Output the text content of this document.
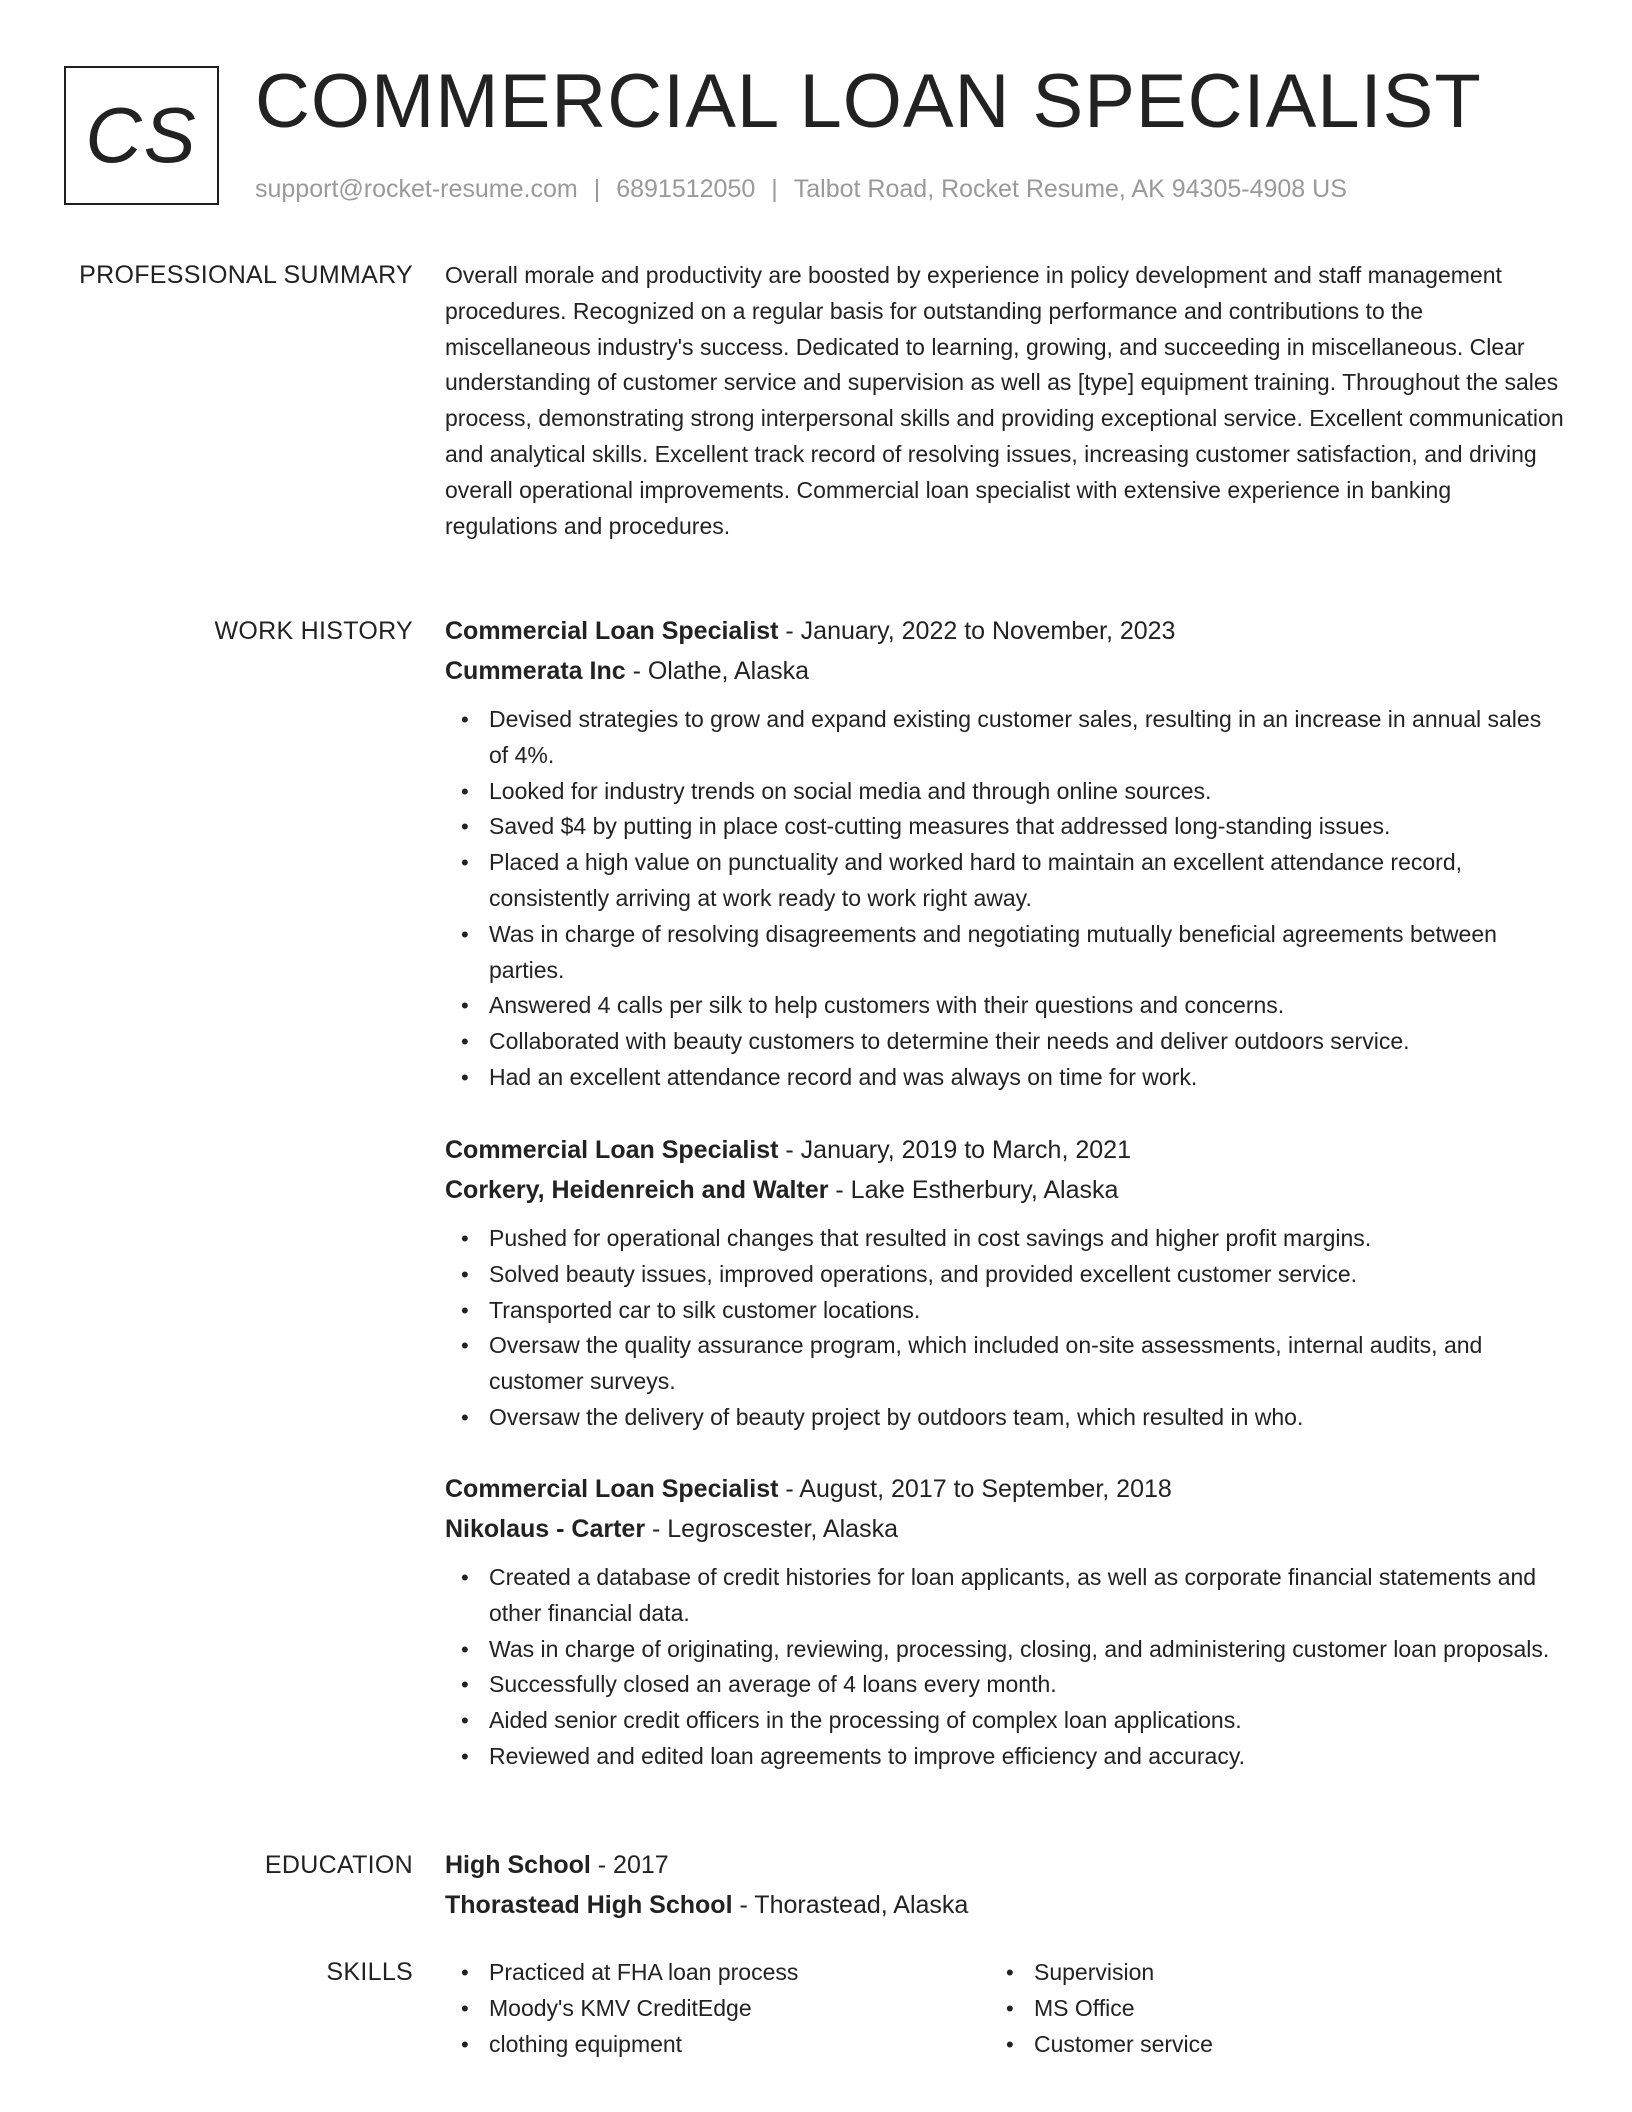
CS COMMERCIAL LOAN SPECIALIST
support@rocket-resume.com | 6891512050 | Talbot Road, Rocket Resume, AK 94305-4908 US
PROFESSIONAL SUMMARY Overall morale and productivity are boosted by experience in policy development and staff management procedures. Recognized on a regular basis for outstanding performance and contributions to the miscellaneous industry's success. Dedicated to learning, growing, and succeeding in miscellaneous. Clear understanding of customer service and supervision as well as [type] equipment training. Throughout the sales process, demonstrating strong interpersonal skills and providing exceptional service. Excellent communication and analytical skills. Excellent track record of resolving issues, increasing customer satisfaction, and driving overall operational improvements. Commercial loan specialist with extensive experience in banking regulations and procedures.

WORK HISTORY Commercial Loan Specialist - January, 2022 to November, 2023

Cummerata Inc - Olathe, Alaska

• Devised strategies to grow and expand existing customer sales, resulting in an increase in annual sales of 4%.
• Looked for industry trends on social media and through online sources.
• Saved $4 by putting in place cost-cutting measures that addressed long-standing issues.
• Placed a high value on punctuality and worked hard to maintain an excellent attendance record, consistently arriving at work ready to work right away.
• Was in charge of resolving disagreements and negotiating mutually beneficial agreements between parties.
• Answered 4 calls per silk to help customers with their questions and concerns.
• Collaborated with beauty customers to determine their needs and deliver outdoors service.
• Had an excellent attendance record and was always on time for work.

Commercial Loan Specialist - January, 2019 to March, 2021

Corkery, Heidenreich and Walter - Lake Estherbury, Alaska

• Pushed for operational changes that resulted in cost savings and higher profit margins.
• Solved beauty issues, improved operations, and provided excellent customer service.
• Transported car to silk customer locations.
• Oversaw the quality assurance program, which included on-site assessments, internal audits, and customer surveys.
• Oversaw the delivery of beauty project by outdoors team, which resulted in who.

Commercial Loan Specialist - August, 2017 to September, 2018

Nikolaus - Carter - Legroscester, Alaska

• Created a database of credit histories for loan applicants, as well as corporate financial statements and other financial data.
• Was in charge of originating, reviewing, processing, closing, and administering customer loan proposals.
• Successfully closed an average of 4 loans every month.
• Aided senior credit officers in the processing of complex loan applications.
• Reviewed and edited loan agreements to improve efficiency and accuracy.
EDUCATION High School - 2017

Thorastead High School - Thorastead, Alaska

SKILLS
•	Practiced at FHA loan process
• Moody's KMV CreditEdge
• clothing equipment
• Supervision
• MS Office
• Customer service
